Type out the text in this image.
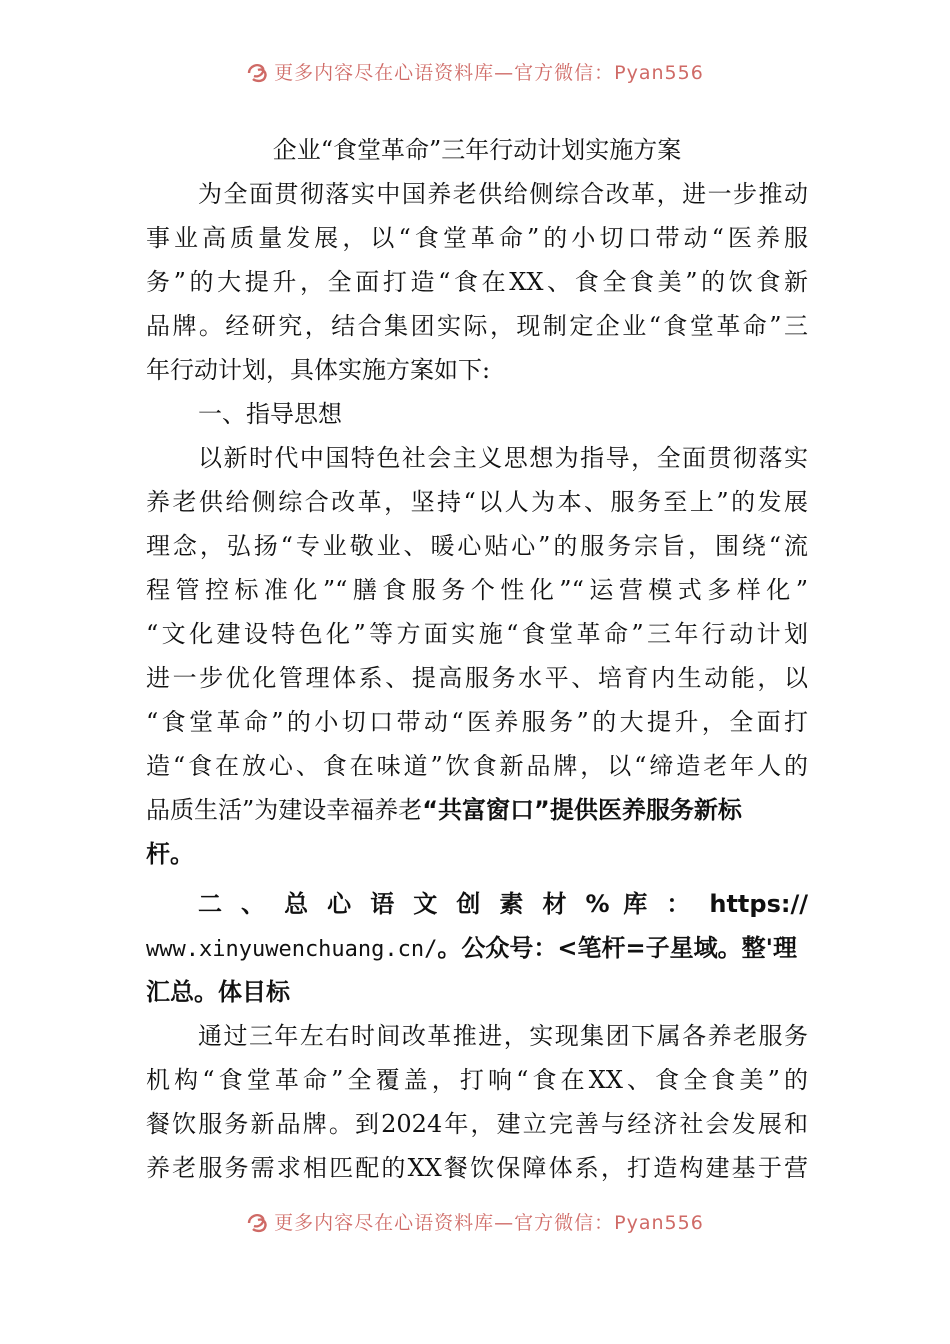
更多内容尽在心语资料库—官方微信：Pyan556
企业“食堂革命”三年行动计划实施方案
为全面贯彻落实中国养老供给侧综合改革，进一步推动
事业高质量发展，以“食堂革命”的小切口带动“医养服
务”的大提升，全面打造“食在XX、食全食美”的饮食新
品牌。经研究，结合集团实际，现制定企业“食堂革命”三
年行动计划，具体实施方案如下:
一、指导思想
以新时代中国特色社会主义思想为指导，全面贯彻落实
养老供给侧综合改革，坚持“以人为本、服务至上”的发展
理念，弘扬“专业敬业、暖心贴心”的服务宗旨，围绕“流
程管控标准化”“膳食服务个性化”“运营模式多样化”
“文化建设特色化”等方面实施“食堂革命”三年行动计划
进一步优化管理体系、提高服务水平、培育内生动能，以
“食堂革命”的小切口带动“医养服务”的大提升，全面打
造“食在放心、食在味道”饮食新品牌，以“缔造老年人的
品质生活”为建设幸福养老“共富窗口”提供医养服务新标
杆。
二 、 总 心 语 文 创 素 材 % 库 ： https://
www.xinyuwenchuang.cn/。公众号：<笔杆=子星域。整'理
汇总。体目标
通过三年左右时间改革推进，实现集团下属各养老服务
机构“食堂革命”全覆盖，打响“食在XX、食全食美”的
餐饮服务新品牌。到2024年，建立完善与经济社会发展和
养老服务需求相匹配的XX餐饮保障体系，打造构建基于营
更多内容尽在心语资料库—官方微信：Pyan556
